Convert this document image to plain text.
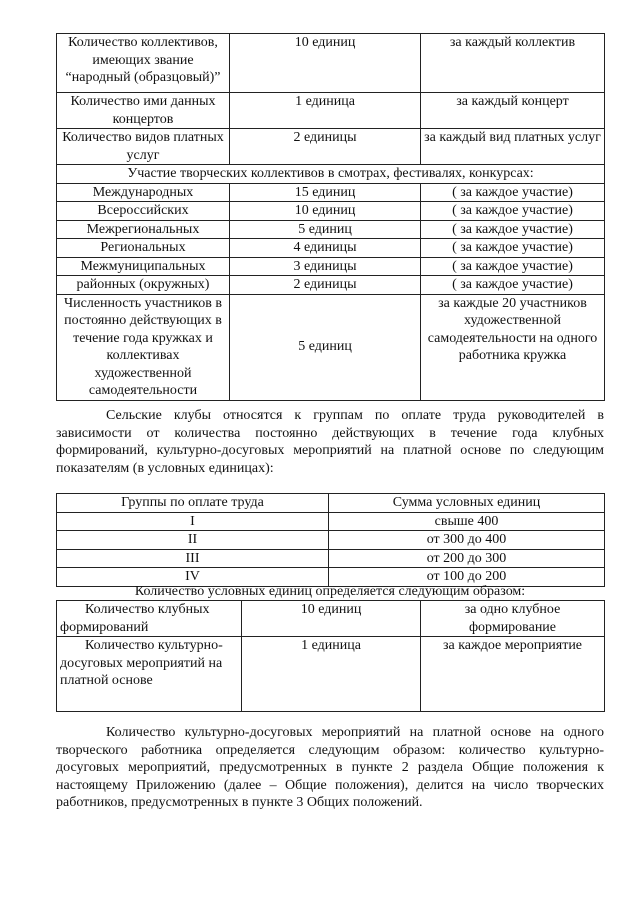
Количество коллективов, имеющих звание “народный (образцовый)”	10 единиц	за каждый коллектив
Количество ими данных концертов	1 единица	за каждый концерт
Количество видов платных услуг	2 единицы	за каждый вид платных услуг
Участие творческих коллективов в смотрах, фестивалях, конкурсах:		
Международных	15 единиц	( за каждое участие)
Всероссийских	10 единиц	( за каждое участие)
Межрегиональных	5 единиц	( за каждое участие)
Региональных	4 единицы	( за каждое участие)
Межмуниципальных	3 единицы	( за каждое участие)
районных (окружных)	2 единицы	( за каждое участие)
Численность участников в постоянно действующих в течение года кружках и коллективах художественной самодеятельности	5 единиц	за каждые 20 участников художественной самодеятельности на одного работника кружка

Сельские клубы относятся к группам по оплате труда руководителей в зависимости от количества постоянно действующих в течение года клубных формирований, культурно-досуговых мероприятий на платной основе по следующим показателям (в условных единицах):

Группы по оплате труда	Сумма условных единиц
I	свыше 400
II	от 300 до 400
III	от 200 до 300
IV	от 100 до 200
Количество условных единиц определяется следующим образом:
Количество клубных формирований	10 единиц	за одно клубное формирование
Количество культурно-досуговых мероприятий на платной основе	1 единица	за каждое мероприятие

Количество культурно-досуговых мероприятий на платной основе на одного творческого работника определяется следующим образом: количество культурно-досуговых мероприятий, предусмотренных в пункте 2 раздела Общие положения к настоящему Приложению (далее – Общие положения), делится на число творческих работников, предусмотренных в пункте 3 Общих положений.
